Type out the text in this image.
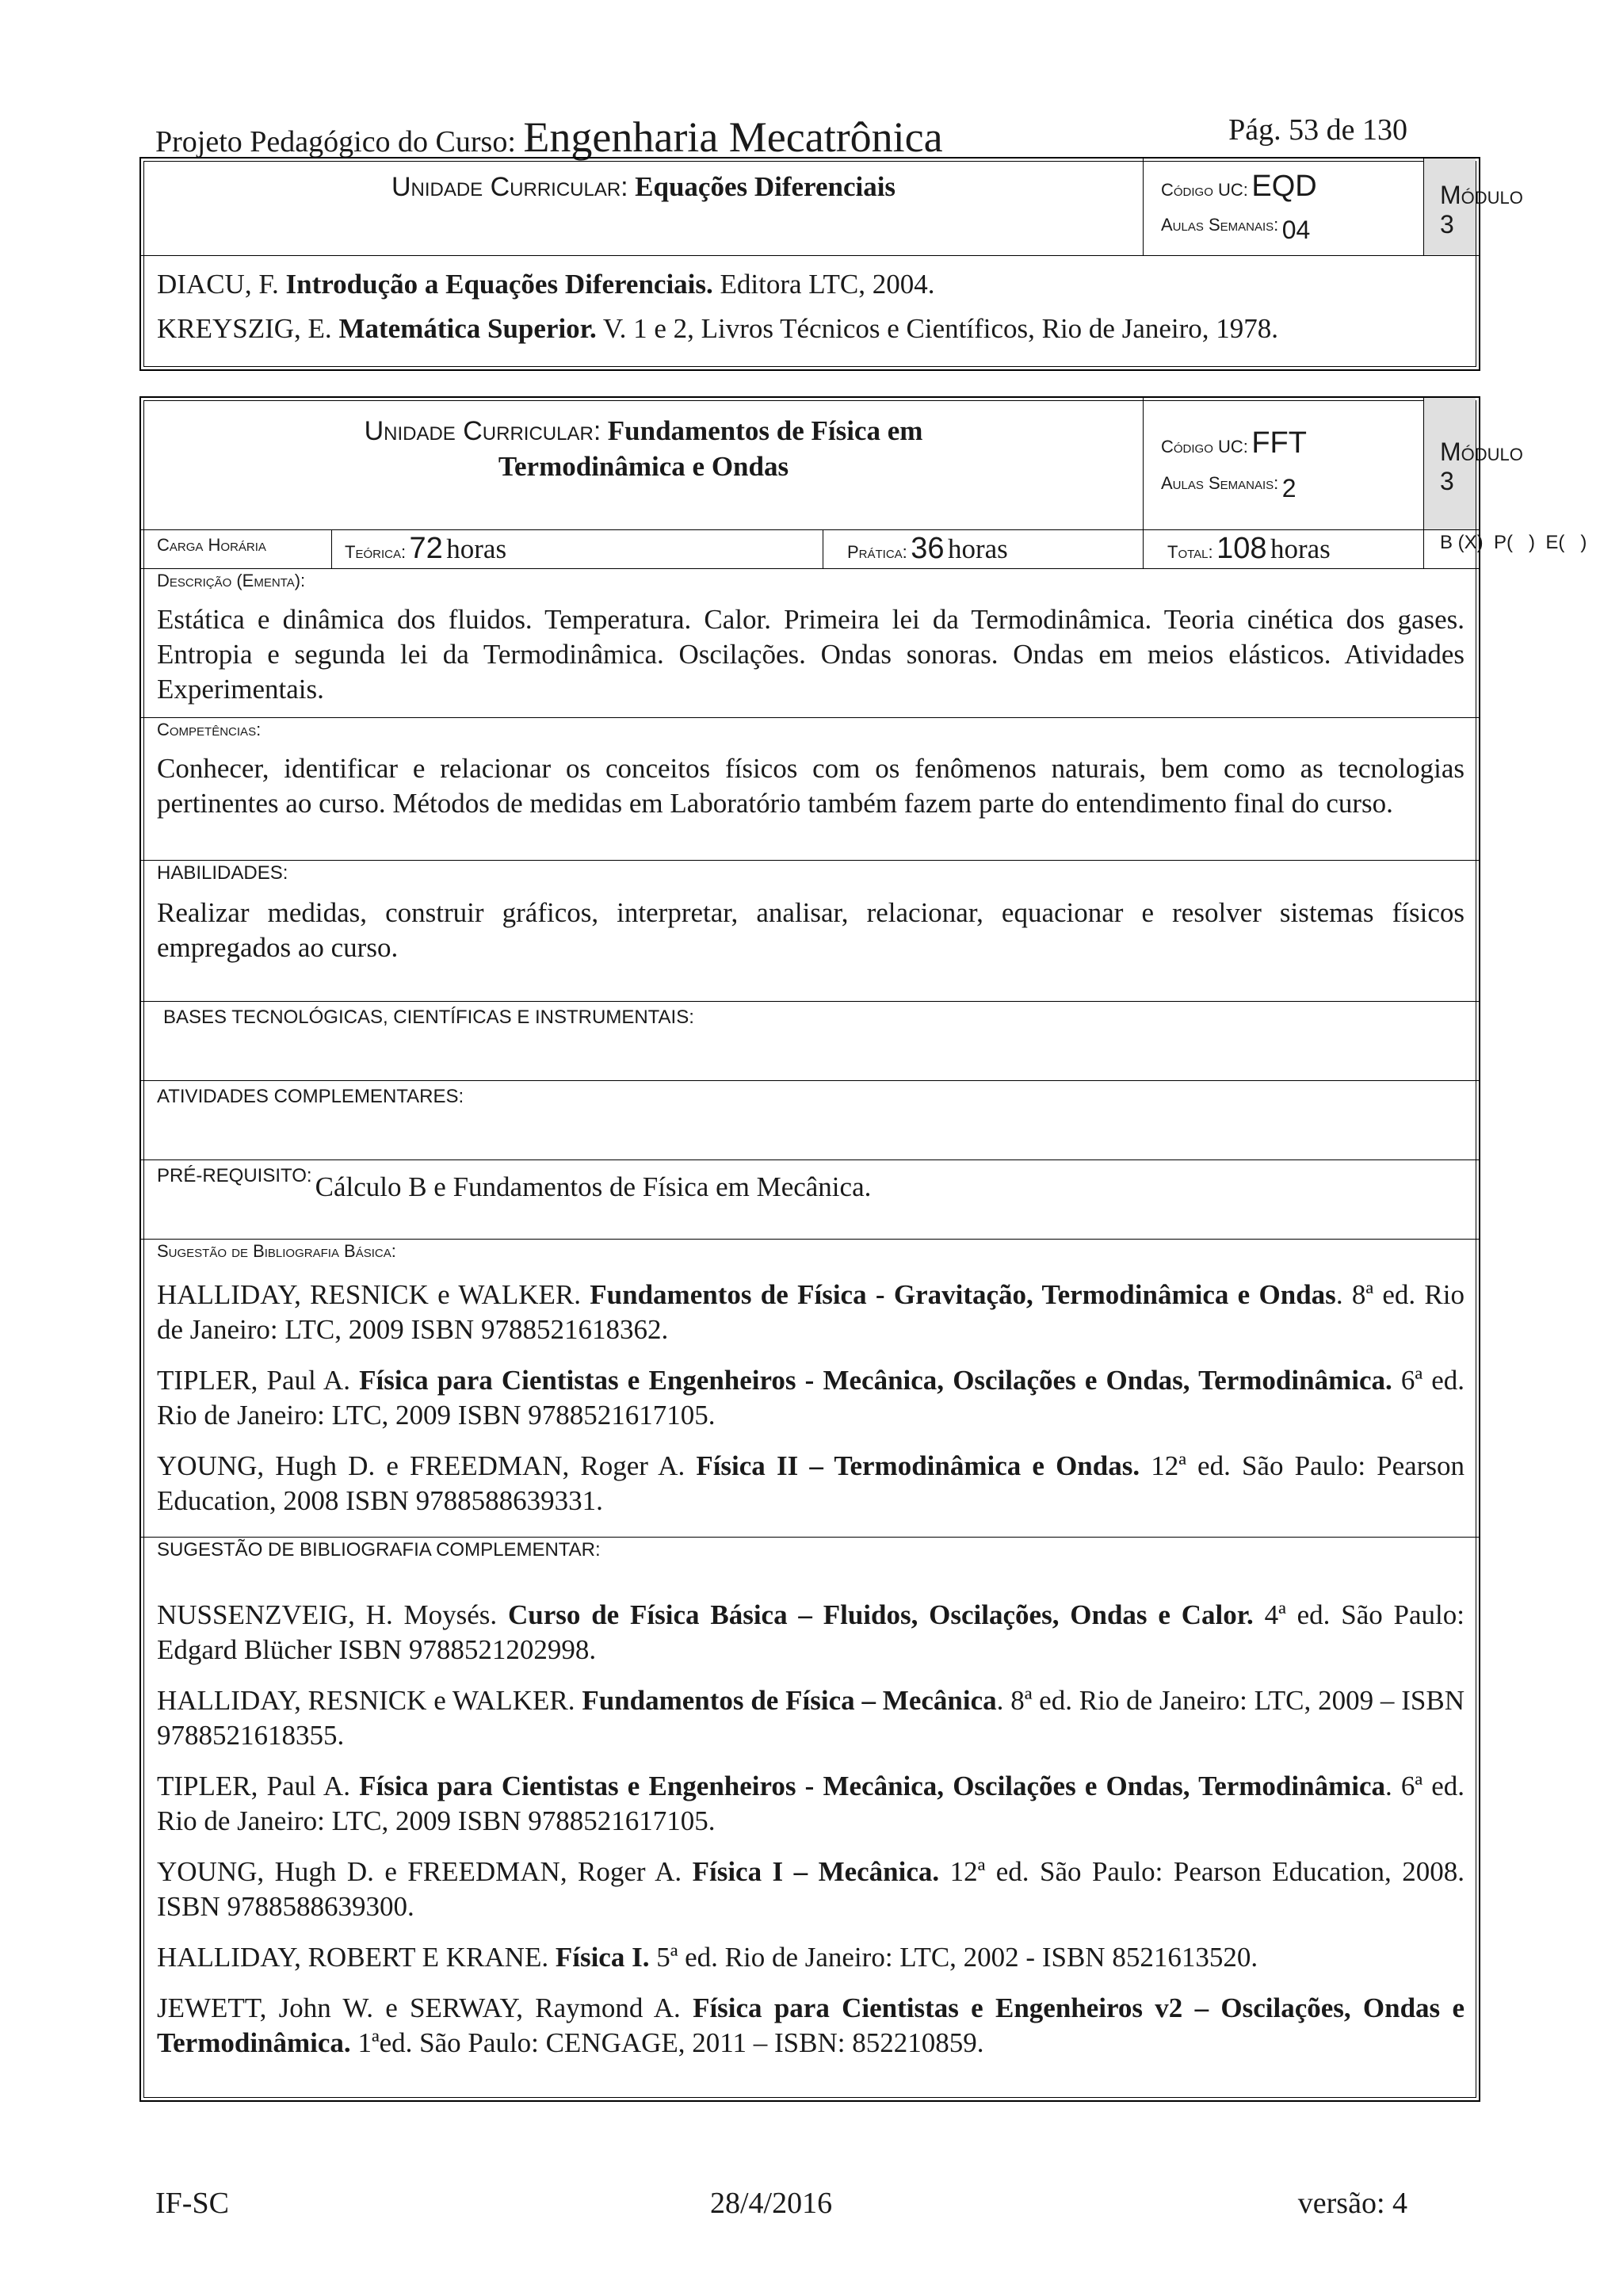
Projeto Pedagógico do Curso: Engenharia Mecatrônica	Pág. 53 de 130
Unidade Curricular: Equações Diferenciais	Código UC: EQD
Aulas Semanais: 04
Módulo 3

DIACU, F. Introdução a Equações Diferenciais. Editora LTC, 2004.

KREYSZIG, E. Matemática Superior. V. 1 e 2, Livros Técnicos e Científicos, Rio de Janeiro, 1978.

Unidade Curricular: Fundamentos de Física em
Termodinâmica e Ondas
Código UC: FFT
Aulas Semanais: 2
Módulo 3
Carga Horária	Teórica: 72 horas	Prática: 36 horas	Total: 108 horas	B (X)  P(   )  E(   )
Descrição (Ementa):

Estática e dinâmica dos fluidos. Temperatura. Calor. Primeira lei da Termodinâmica. Teoria cinética dos gases. Entropia e segunda lei da Termodinâmica. Oscilações. Ondas sonoras. Ondas em meios elásticos. Atividades Experimentais.

Competências:

Conhecer, identificar e relacionar os conceitos físicos com os fenômenos naturais, bem como as tecnologias pertinentes ao curso. Métodos de medidas em Laboratório também fazem parte do entendimento final do curso.

HABILIDADES:

Realizar medidas, construir gráficos, interpretar, analisar, relacionar, equacionar e resolver sistemas físicos empregados ao curso.

BASES TECNOLÓGICAS, CIENTÍFICAS E INSTRUMENTAIS:
ATIVIDADES COMPLEMENTARES:
PRÉ-REQUISITO: Cálculo B e Fundamentos de Física em Mecânica.
Sugestão de Bibliografia Básica:

HALLIDAY, RESNICK e WALKER. Fundamentos de Física - Gravitação, Termodinâmica e Ondas. 8ª ed. Rio de Janeiro: LTC, 2009 ISBN 9788521618362.

TIPLER, Paul A. Física para Cientistas e Engenheiros - Mecânica, Oscilações e Ondas, Termodinâmica. 6ª ed. Rio de Janeiro: LTC, 2009 ISBN 9788521617105.

YOUNG, Hugh D. e FREEDMAN, Roger A. Física II – Termodinâmica e Ondas. 12ª ed. São Paulo: Pearson Education, 2008 ISBN 9788588639331.

SUGESTÃO DE BIBLIOGRAFIA COMPLEMENTAR:

NUSSENZVEIG, H. Moysés. Curso de Física Básica – Fluidos, Oscilações, Ondas e Calor. 4ª ed. São Paulo: Edgard Blücher ISBN 9788521202998.

HALLIDAY, RESNICK e WALKER. Fundamentos de Física – Mecânica. 8ª ed. Rio de Janeiro: LTC, 2009 – ISBN 9788521618355.

TIPLER, Paul A. Física para Cientistas e Engenheiros - Mecânica, Oscilações e Ondas, Termodinâmica. 6ª ed. Rio de Janeiro: LTC, 2009 ISBN 9788521617105.

YOUNG, Hugh D. e FREEDMAN, Roger A. Física I – Mecânica. 12ª ed. São Paulo: Pearson Education, 2008. ISBN 9788588639300.

HALLIDAY, ROBERT E KRANE. Física I. 5ª ed. Rio de Janeiro: LTC, 2002 - ISBN 8521613520.

JEWETT, John W. e SERWAY, Raymond A. Física para Cientistas e Engenheiros v2 – Oscilações, Ondas e Termodinâmica. 1ªed. São Paulo: CENGAGE, 2011 – ISBN: 852210859.

IF-SC	28/4/2016	versão: 4
